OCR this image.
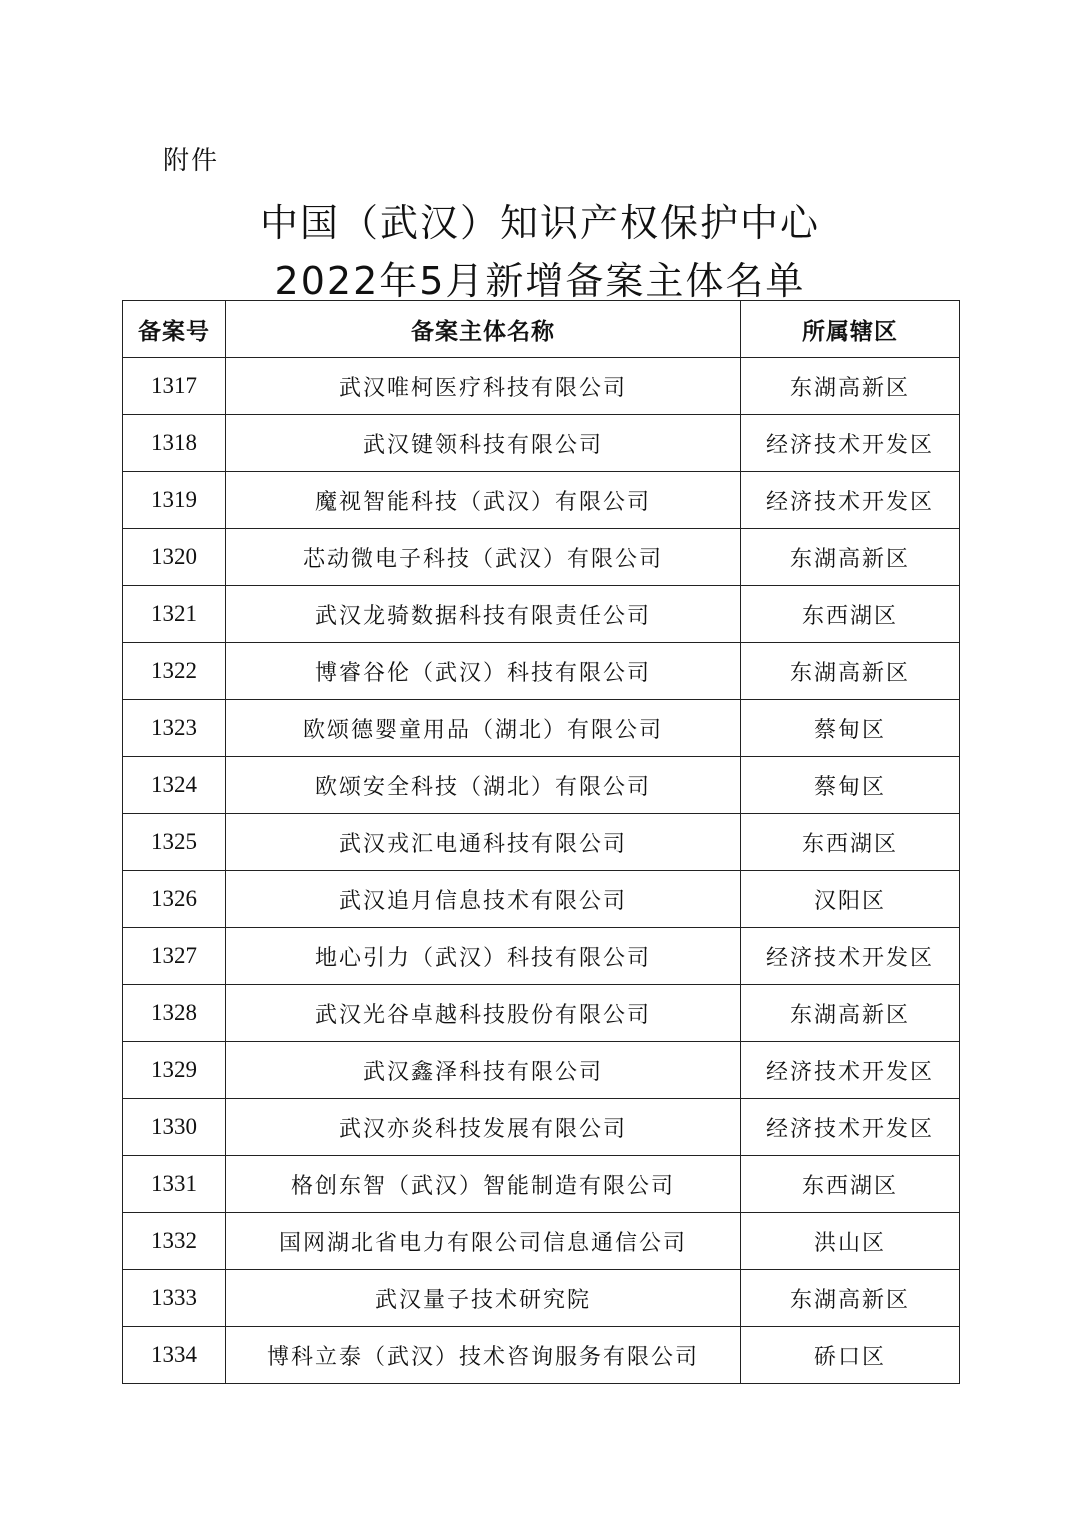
附件
中国（武汉）知识产权保护中心
2022年5月新增备案主体名单
备案号	备案主体名称	所属辖区
1317	武汉唯柯医疗科技有限公司	东湖高新区
1318	武汉键领科技有限公司	经济技术开发区
1319	魔视智能科技（武汉）有限公司	经济技术开发区
1320	芯动微电子科技（武汉）有限公司	东湖高新区
1321	武汉龙骑数据科技有限责任公司	东西湖区
1322	博睿谷伦（武汉）科技有限公司	东湖高新区
1323	欧颂德婴童用品（湖北）有限公司	蔡甸区
1324	欧颂安全科技（湖北）有限公司	蔡甸区
1325	武汉戎汇电通科技有限公司	东西湖区
1326	武汉追月信息技术有限公司	汉阳区
1327	地心引力（武汉）科技有限公司	经济技术开发区
1328	武汉光谷卓越科技股份有限公司	东湖高新区
1329	武汉鑫泽科技有限公司	经济技术开发区
1330	武汉亦炎科技发展有限公司	经济技术开发区
1331	格创东智（武汉）智能制造有限公司	东西湖区
1332	国网湖北省电力有限公司信息通信公司	洪山区
1333	武汉量子技术研究院	东湖高新区
1334	博科立泰（武汉）技术咨询服务有限公司	硚口区
